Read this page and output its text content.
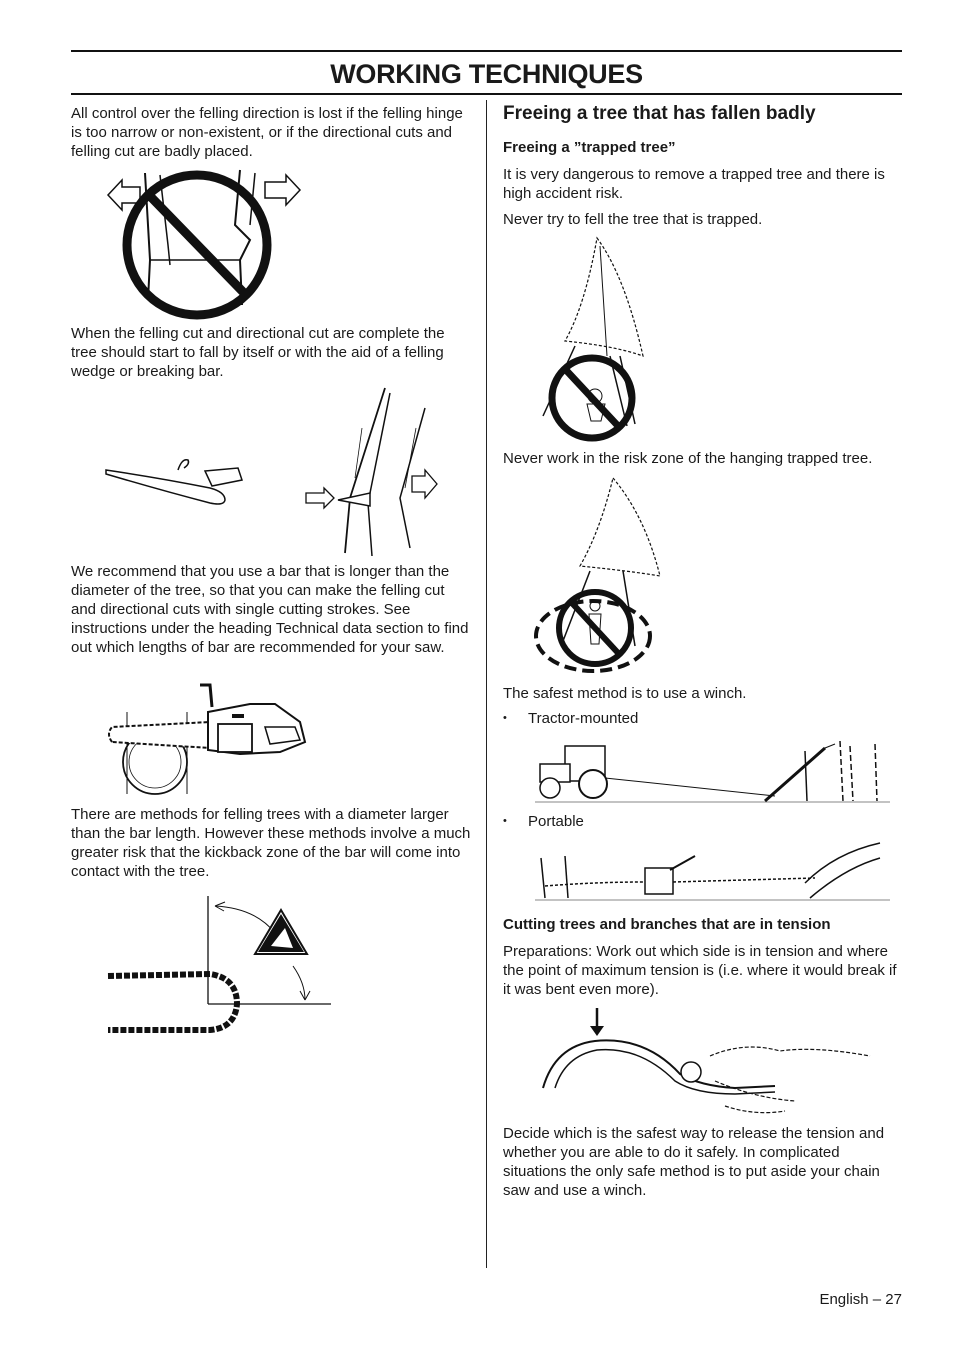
WORKING TECHNIQUES

All control over the felling direction is lost if the felling hinge is too narrow or non-existent, or if the directional cuts and felling cut are badly placed.

When the felling cut and directional cut are complete the tree should start to fall by itself or with the aid of a felling wedge or breaking bar.

We recommend that you use a bar that is longer than the diameter of the tree, so that you can make the felling cut and directional cuts with single cutting strokes. See instructions under the heading Technical data section to find out which lengths of bar are recommended for your saw.

There are methods for felling trees with a diameter larger than the bar length. However these methods involve a much greater risk that the kickback zone of the bar will come into contact with the tree.

Freeing a tree that has fallen badly
Freeing a ”trapped tree”

It is very dangerous to remove a trapped tree and there is high accident risk.

Never try to fell the tree that is trapped.

Never work in the risk zone of the hanging trapped tree.

The safest method is to use a winch.

•	Tractor-mounted
•	Portable
Cutting trees and branches that are in tension

Preparations: Work out which side is in tension and where the point of maximum tension is (i.e. where it would break if it was bent even more).

Decide which is the safest way to release the tension and whether you are able to do it safely. In complicated situations the only safe method is to put aside your chain saw and use a winch.

English – 27
